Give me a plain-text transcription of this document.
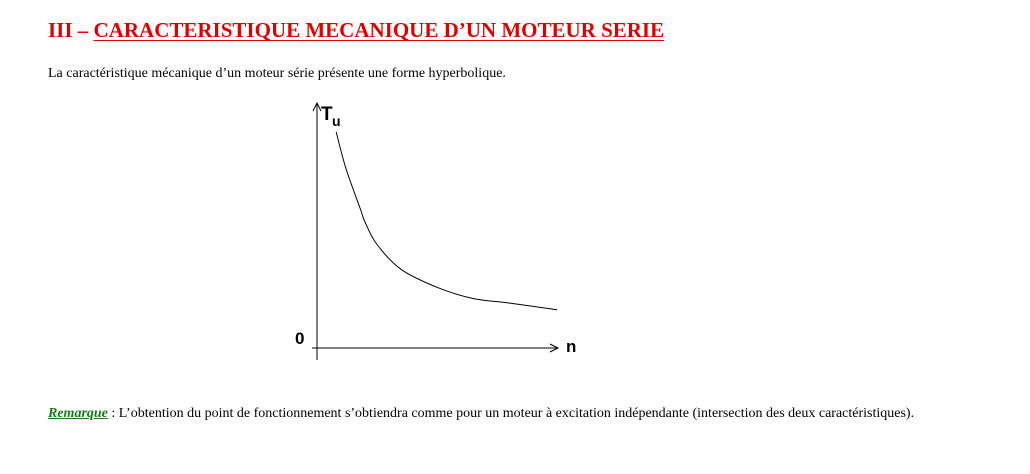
III – CARACTERISTIQUE MECANIQUE D’UN MOTEUR SERIE
La caractéristique mécanique d’un moteur série présente une forme hyperbolique.
T u
0	n
Remarque : L’obtention du point de fonctionnement s’obtiendra comme pour un moteur à excitation indépendante (intersection des deux caractéristiques).
